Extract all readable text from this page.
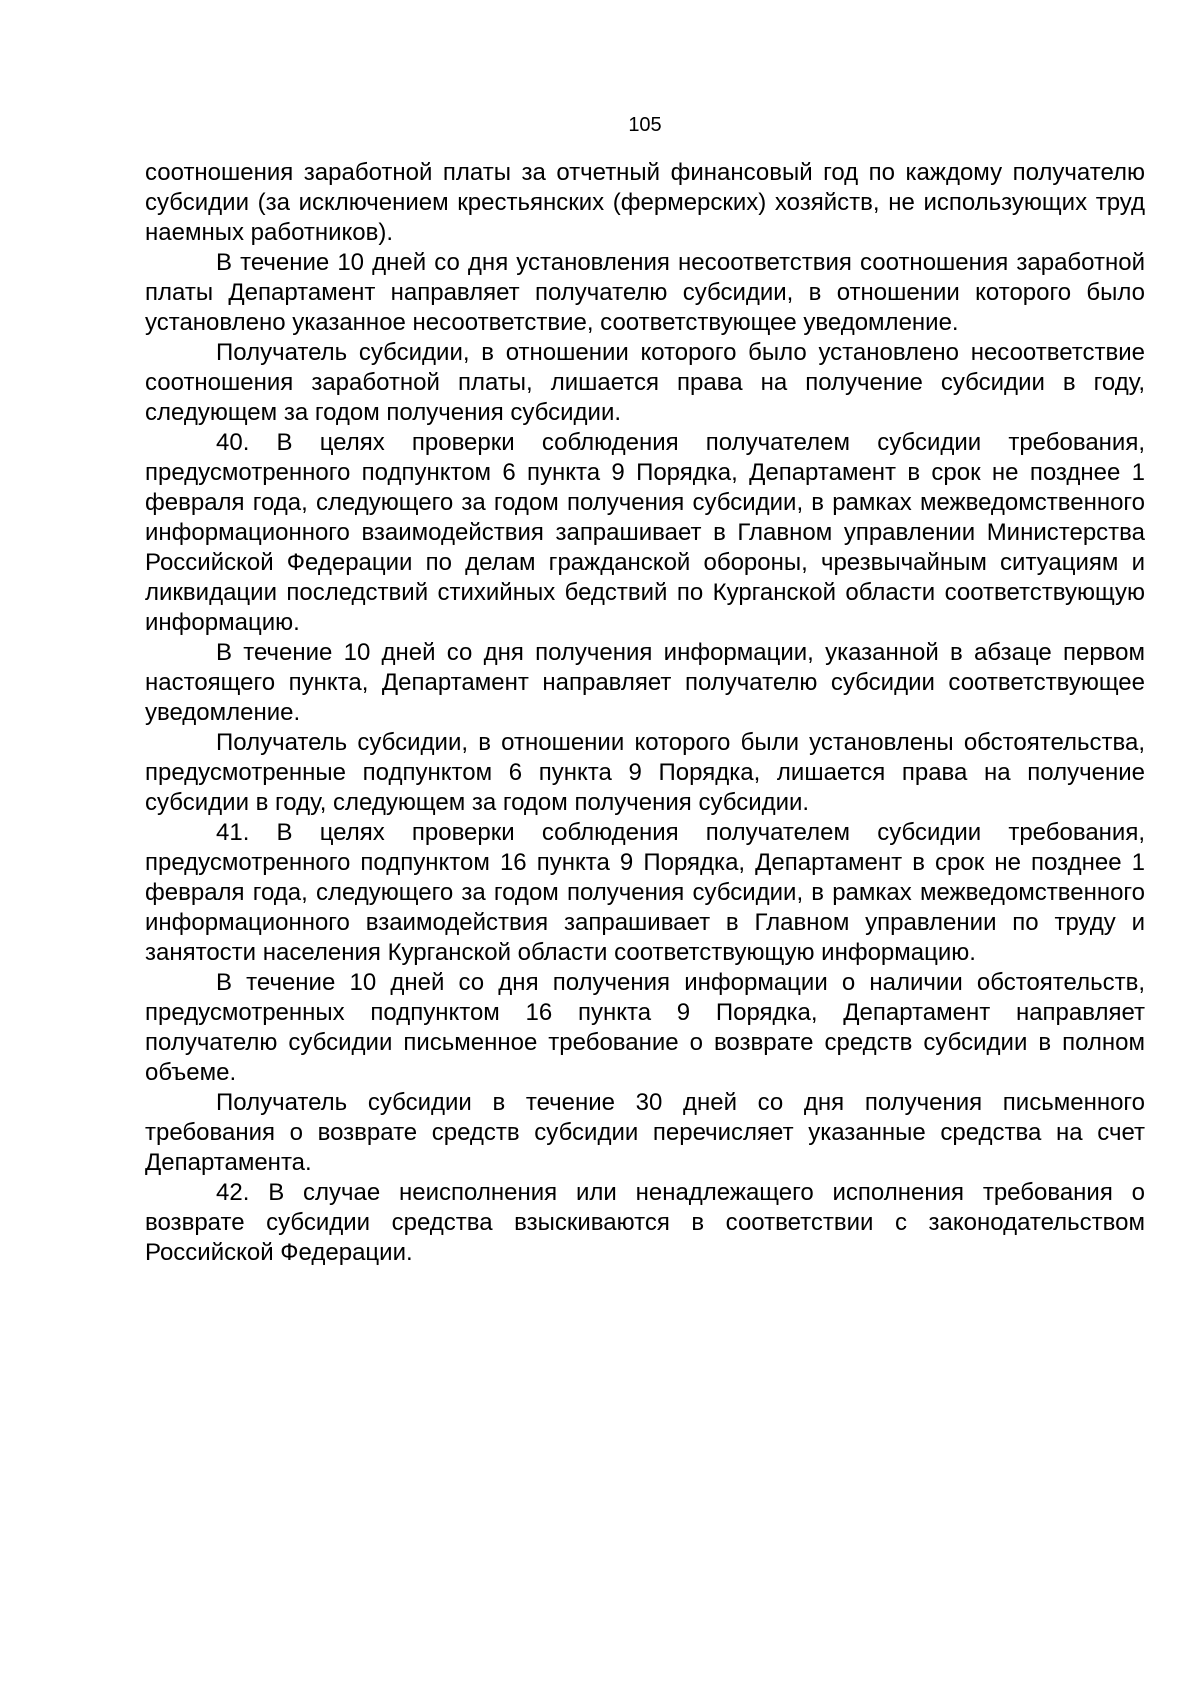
105

соотношения заработной платы за отчетный финансовый год по каждому получателю субсидии (за исключением крестьянских (фермерских) хозяйств, не использующих труд наемных работников).

В течение 10 дней со дня установления несоответствия соотношения заработной платы Департамент направляет получателю субсидии, в отношении которого было установлено указанное несоответствие, соответствующее уведомление.

Получатель субсидии, в отношении которого было установлено несоответствие соотношения заработной платы, лишается права на получение субсидии в году, следующем за годом получения субсидии.

40. В целях проверки соблюдения получателем субсидии требования, предусмотренного подпунктом 6 пункта 9 Порядка, Департамент в срок не позднее 1 февраля года, следующего за годом получения субсидии, в рамках межведомственного информационного взаимодействия запрашивает в Главном управлении Министерства Российской Федерации по делам гражданской обороны, чрезвычайным ситуациям и ликвидации последствий стихийных бедствий по Курганской области соответствующую информацию.

В течение 10 дней со дня получения информации, указанной в абзаце первом настоящего пункта, Департамент направляет получателю субсидии соответствующее уведомление.

Получатель субсидии, в отношении которого были установлены обстоятельства, предусмотренные подпунктом 6 пункта 9 Порядка, лишается права на получение субсидии в году, следующем за годом получения субсидии.

41. В целях проверки соблюдения получателем субсидии требования, предусмотренного подпунктом 16 пункта 9 Порядка, Департамент в срок не позднее 1 февраля года, следующего за годом получения субсидии, в рамках межведомственного информационного взаимодействия запрашивает в Главном управлении по труду и занятости населения Курганской области соответствующую информацию.

В течение 10 дней со дня получения информации о наличии обстоятельств, предусмотренных подпунктом 16 пункта 9 Порядка, Департамент направляет получателю субсидии письменное требование о возврате средств субсидии в полном объеме.

Получатель субсидии в течение 30 дней со дня получения письменного требования о возврате средств субсидии перечисляет указанные средства на счет Департамента.

42. В случае неисполнения или ненадлежащего исполнения требования о возврате субсидии средства взыскиваются в соответствии с законодательством Российской Федерации.
